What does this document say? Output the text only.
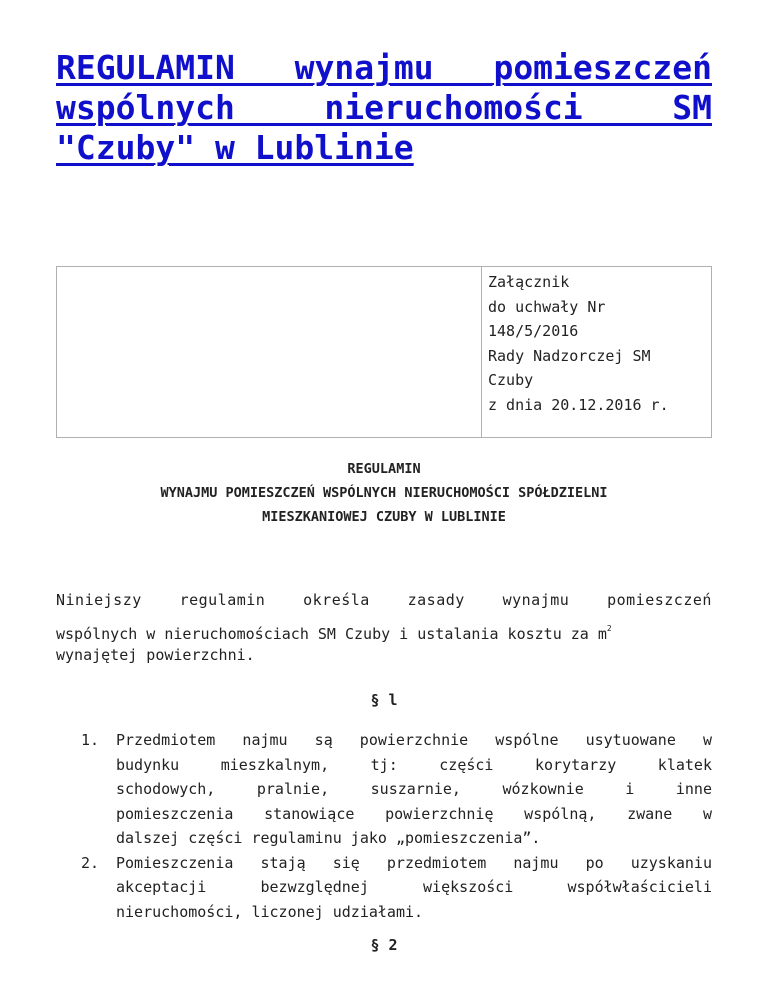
REGULAMIN wynajmu pomieszczeń
wspólnych nieruchomości SM
"Czuby" w Lublinie

Załącznik
do uchwały Nr
148/5/2016
Rady Nadzorczej SM
Czuby
z dnia 20.12.2016 r.
REGULAMIN
WYNAJMU POMIESZCZEŃ WSPÓLNYCH NIERUCHOMOŚCI SPÓŁDZIELNI
MIESZKANIOWEJ CZUBY W LUBLINIE
Niniejszy	regulamin	określa	zasady	wynajmu	pomieszczeń
wspólnych w nieruchomościach SM Czuby i ustalania kosztu za $m^2$
wynajętej powierzchni.
§ l
1. Przedmiotem najmu są powierzchnie wspólne usytuowane w
budynku mieszkalnym, tj: części korytarzy klatek
schodowych, pralnie, suszarnie, wózkownie i inne
pomieszczenia stanowiące powierzchnię wspólną, zwane w
dalszej części regulaminu jako „pomieszczenia”.
2. Pomieszczenia stają się przedmiotem najmu po uzyskaniu
akceptacji bezwzględnej większości współwłaścicieli
nieruchomości, liczonej udziałami.
§ 2
